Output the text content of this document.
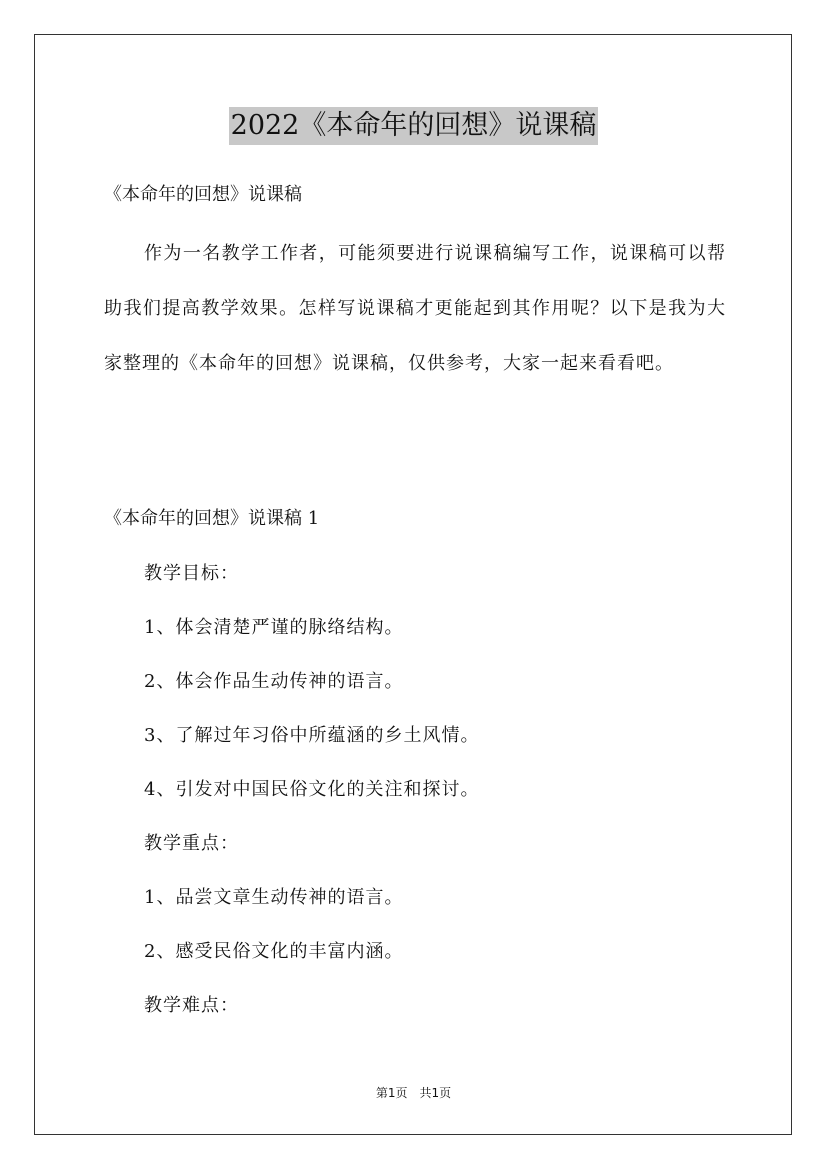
2022《本命年的回想》说课稿

《本命年的回想》说课稿

作为一名教学工作者，可能须要进行说课稿编写工作，说课稿可以帮助我们提高教学效果。怎样写说课稿才更能起到其作用呢？以下是我为大家整理的《本命年的回想》说课稿，仅供参考，大家一起来看看吧。

《本命年的回想》说课稿 1

教学目标：
1、体会清楚严谨的脉络结构。
2、体会作品生动传神的语言。
3、了解过年习俗中所蕴涵的乡土风情。
4、引发对中国民俗文化的关注和探讨。
教学重点：
1、品尝文章生动传神的语言。
2、感受民俗文化的丰富内涵。
教学难点：

第1页　共1页
